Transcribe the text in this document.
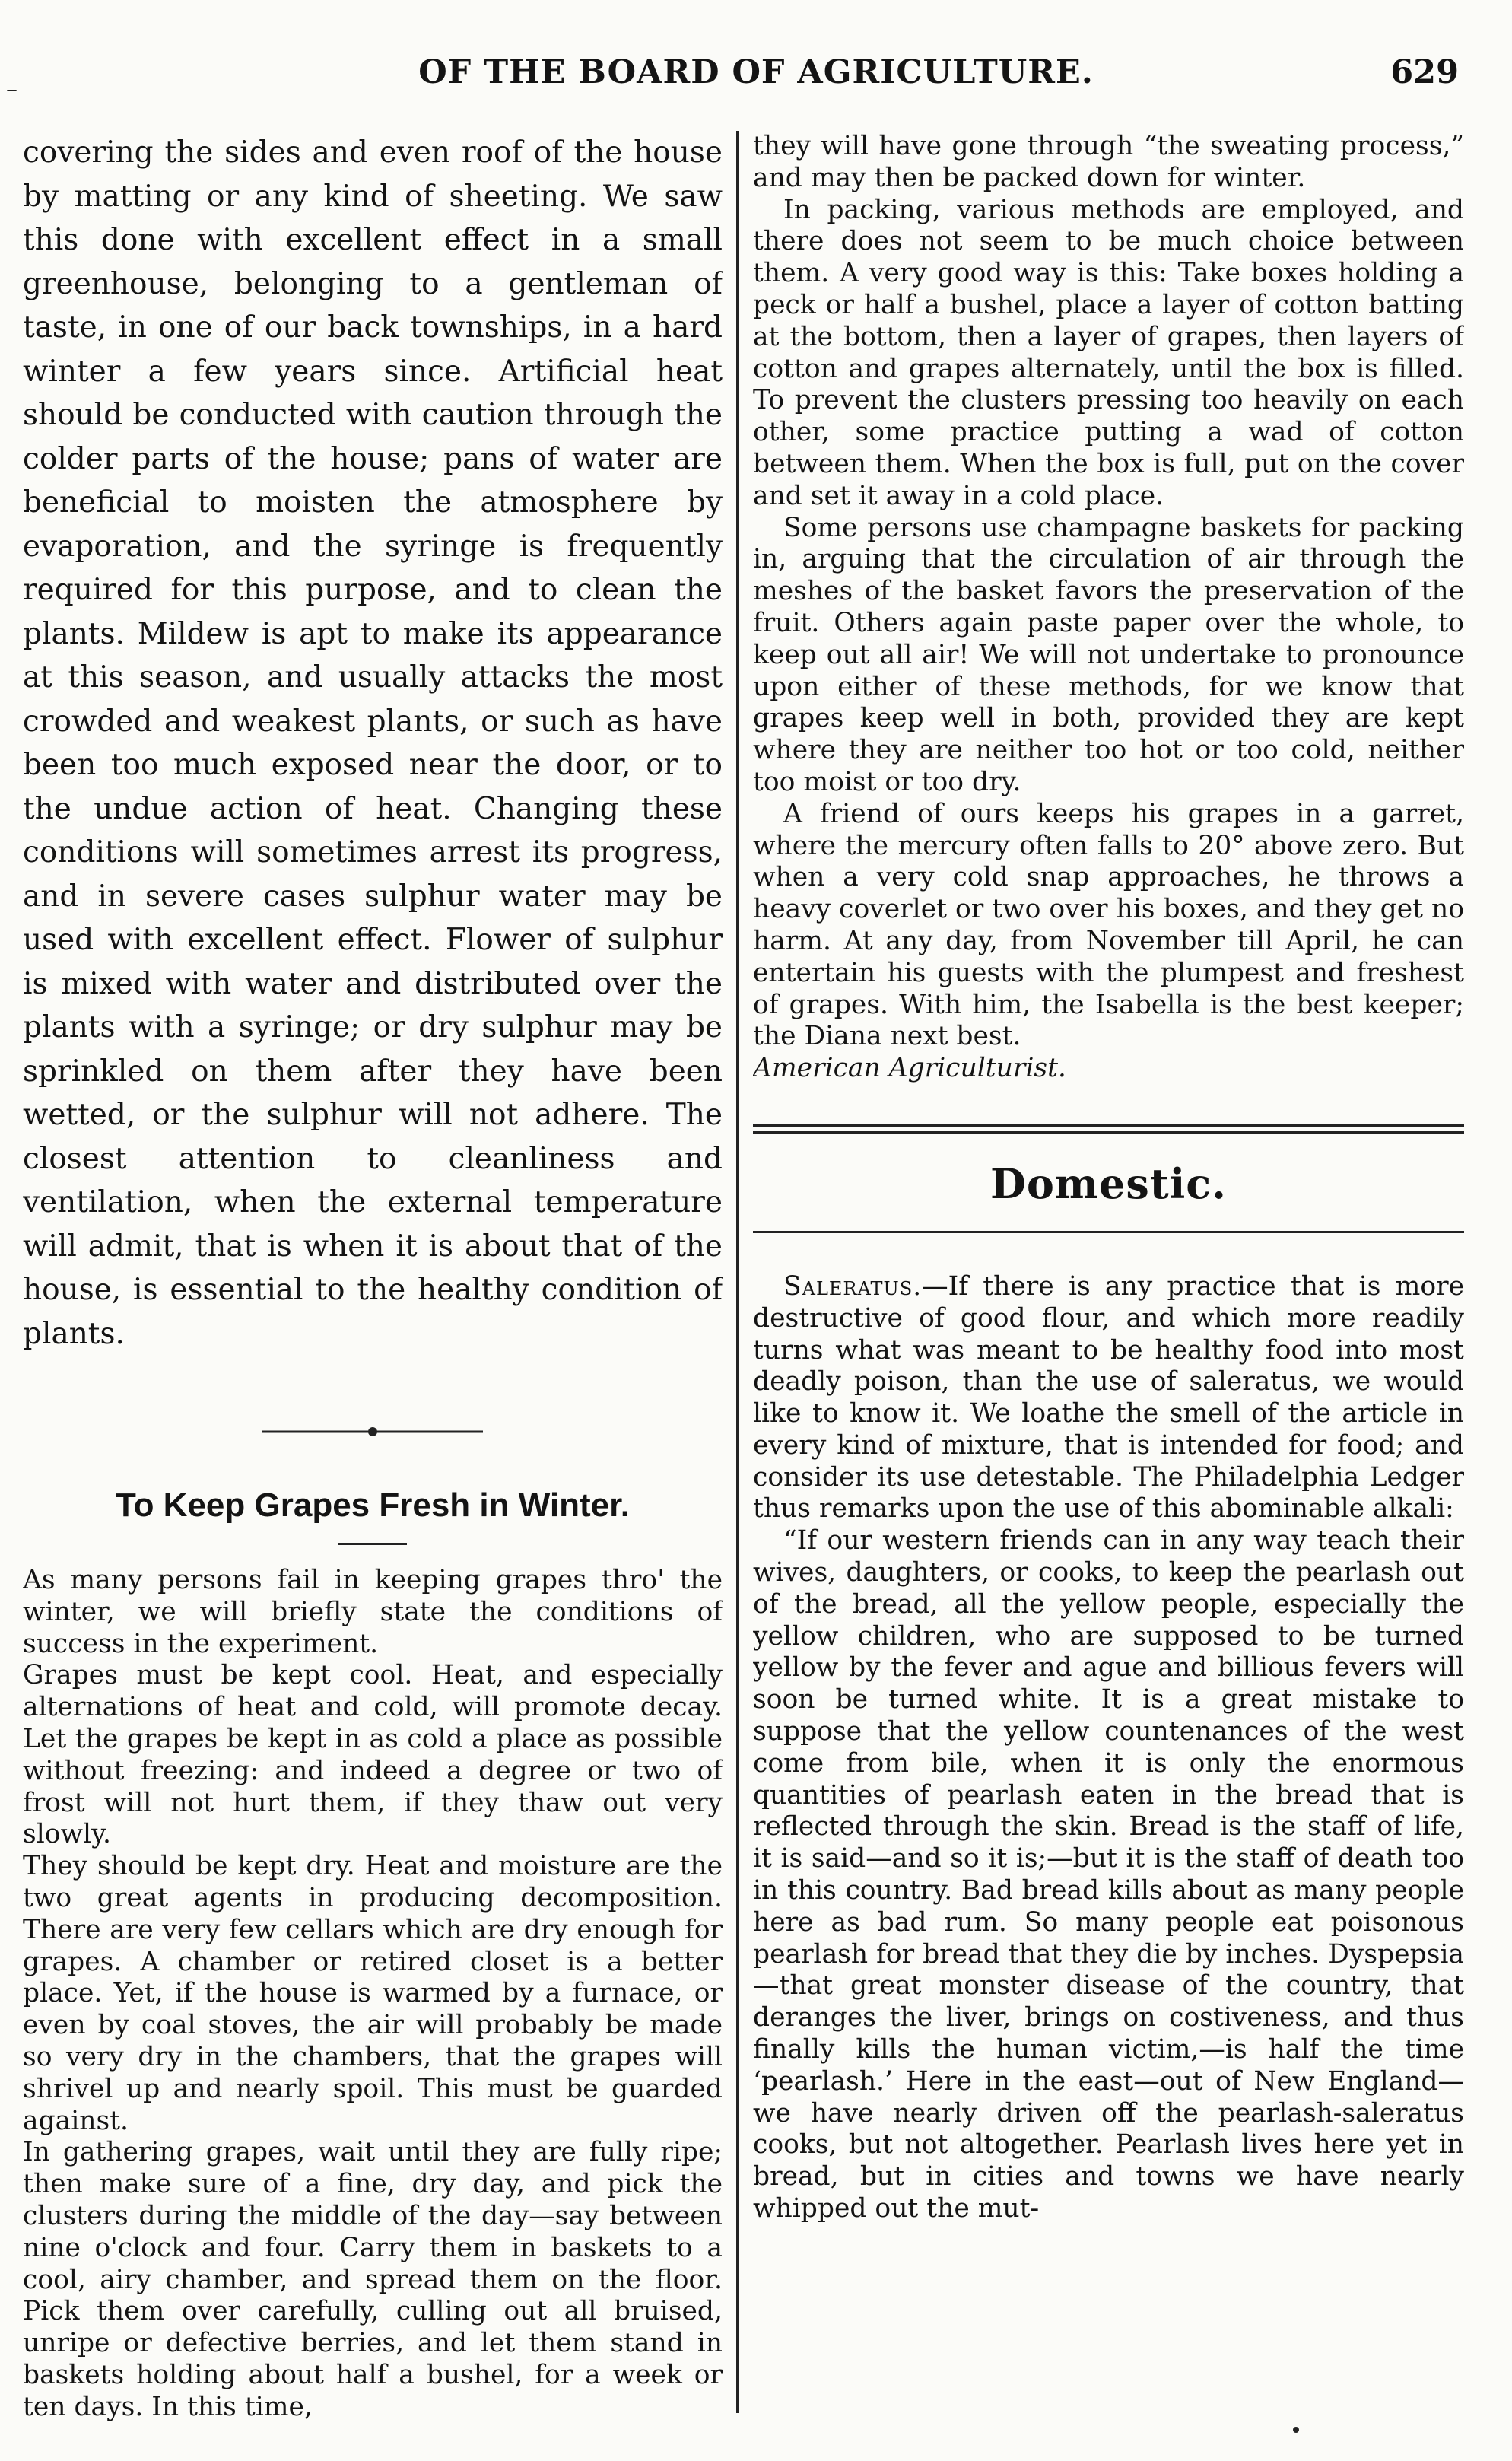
–	OF THE BOARD OF AGRICULTURE.	629

covering the sides and even roof of the house by matting or any kind of sheeting. We saw this done with excellent effect in a small greenhouse, belonging to a gentleman of taste, in one of our back townships, in a hard winter a few years since. Artificial heat should be conducted with caution through the colder parts of the house; pans of water are beneficial to moisten the atmosphere by evaporation, and the syringe is frequently required for this purpose, and to clean the plants. Mildew is apt to make its appearance at this season, and usually attacks the most crowded and weakest plants, or such as have been too much exposed near the door, or to the undue action of heat. Changing these conditions will sometimes arrest its progress, and in severe cases sulphur water may be used with excellent effect. Flower of sulphur is mixed with water and distributed over the plants with a syringe; or dry sulphur may be sprinkled on them after they have been wetted, or the sulphur will not adhere. The closest attention to cleanliness and ventilation, when the external temperature will admit, that is when it is about that of the house, is essential to the healthy condition of plants.

To Keep Grapes Fresh in Winter.

As many persons fail in keeping grapes thro' the winter, we will briefly state the conditions of success in the experiment.

Grapes must be kept cool. Heat, and especially alternations of heat and cold, will promote decay. Let the grapes be kept in as cold a place as possible without freezing: and indeed a degree or two of frost will not hurt them, if they thaw out very slowly.

They should be kept dry. Heat and moisture are the two great agents in producing decomposition. There are very few cellars which are dry enough for grapes. A chamber or retired closet is a better place. Yet, if the house is warmed by a furnace, or even by coal stoves, the air will probably be made so very dry in the chambers, that the grapes will shrivel up and nearly spoil. This must be guarded against.

In gathering grapes, wait until they are fully ripe; then make sure of a fine, dry day, and pick the clusters during the middle of the day—say between nine o'clock and four. Carry them in baskets to a cool, airy chamber, and spread them on the floor. Pick them over carefully, culling out all bruised, unripe or defective berries, and let them stand in baskets holding about half a bushel, for a week or ten days. In this time,

they will have gone through “the sweating process,” and may then be packed down for winter.

In packing, various methods are employed, and there does not seem to be much choice between them. A very good way is this: Take boxes holding a peck or half a bushel, place a layer of cotton batting at the bottom, then a layer of grapes, then layers of cotton and grapes alternately, until the box is filled. To prevent the clusters pressing too heavily on each other, some practice putting a wad of cotton between them. When the box is full, put on the cover and set it away in a cold place.

Some persons use champagne baskets for packing in, arguing that the circulation of air through the meshes of the basket favors the preservation of the fruit. Others again paste paper over the whole, to keep out all air! We will not undertake to pronounce upon either of these methods, for we know that grapes keep well in both, provided they are kept where they are neither too hot or too cold, neither too moist or too dry.

A friend of ours keeps his grapes in a garret, where the mercury often falls to 20° above zero. But when a very cold snap approaches, he throws a heavy coverlet or two over his boxes, and they get no harm. At any day, from November till April, he can entertain his guests with the plumpest and freshest of grapes. With him, the Isabella is the best keeper; the Diana next best.

American Agriculturist.

Domestic.

Saleratus.—If there is any practice that is more destructive of good flour, and which more readily turns what was meant to be healthy food into most deadly poison, than the use of saleratus, we would like to know it. We loathe the smell of the article in every kind of mixture, that is intended for food; and consider its use detestable. The Philadelphia Ledger thus remarks upon the use of this abominable alkali:

“If our western friends can in any way teach their wives, daughters, or cooks, to keep the pearlash out of the bread, all the yellow people, especially the yellow children, who are supposed to be turned yellow by the fever and ague and billious fevers will soon be turned white. It is a great mistake to suppose that the yellow countenances of the west come from bile, when it is only the enormous quantities of pearlash eaten in the bread that is reflected through the skin. Bread is the staff of life, it is said—and so it is;—but it is the staff of death too in this country. Bad bread kills about as many people here as bad rum. So many people eat poisonous pearlash for bread that they die by inches. Dyspepsia—that great monster disease of the country, that deranges the liver, brings on costiveness, and thus finally kills the human victim,—is half the time ‘pearlash.’ Here in the east—out of New England—we have nearly driven off the pearlash-saleratus cooks, but not altogether. Pearlash lives here yet in bread, but in cities and towns we have nearly whipped out the mut-
